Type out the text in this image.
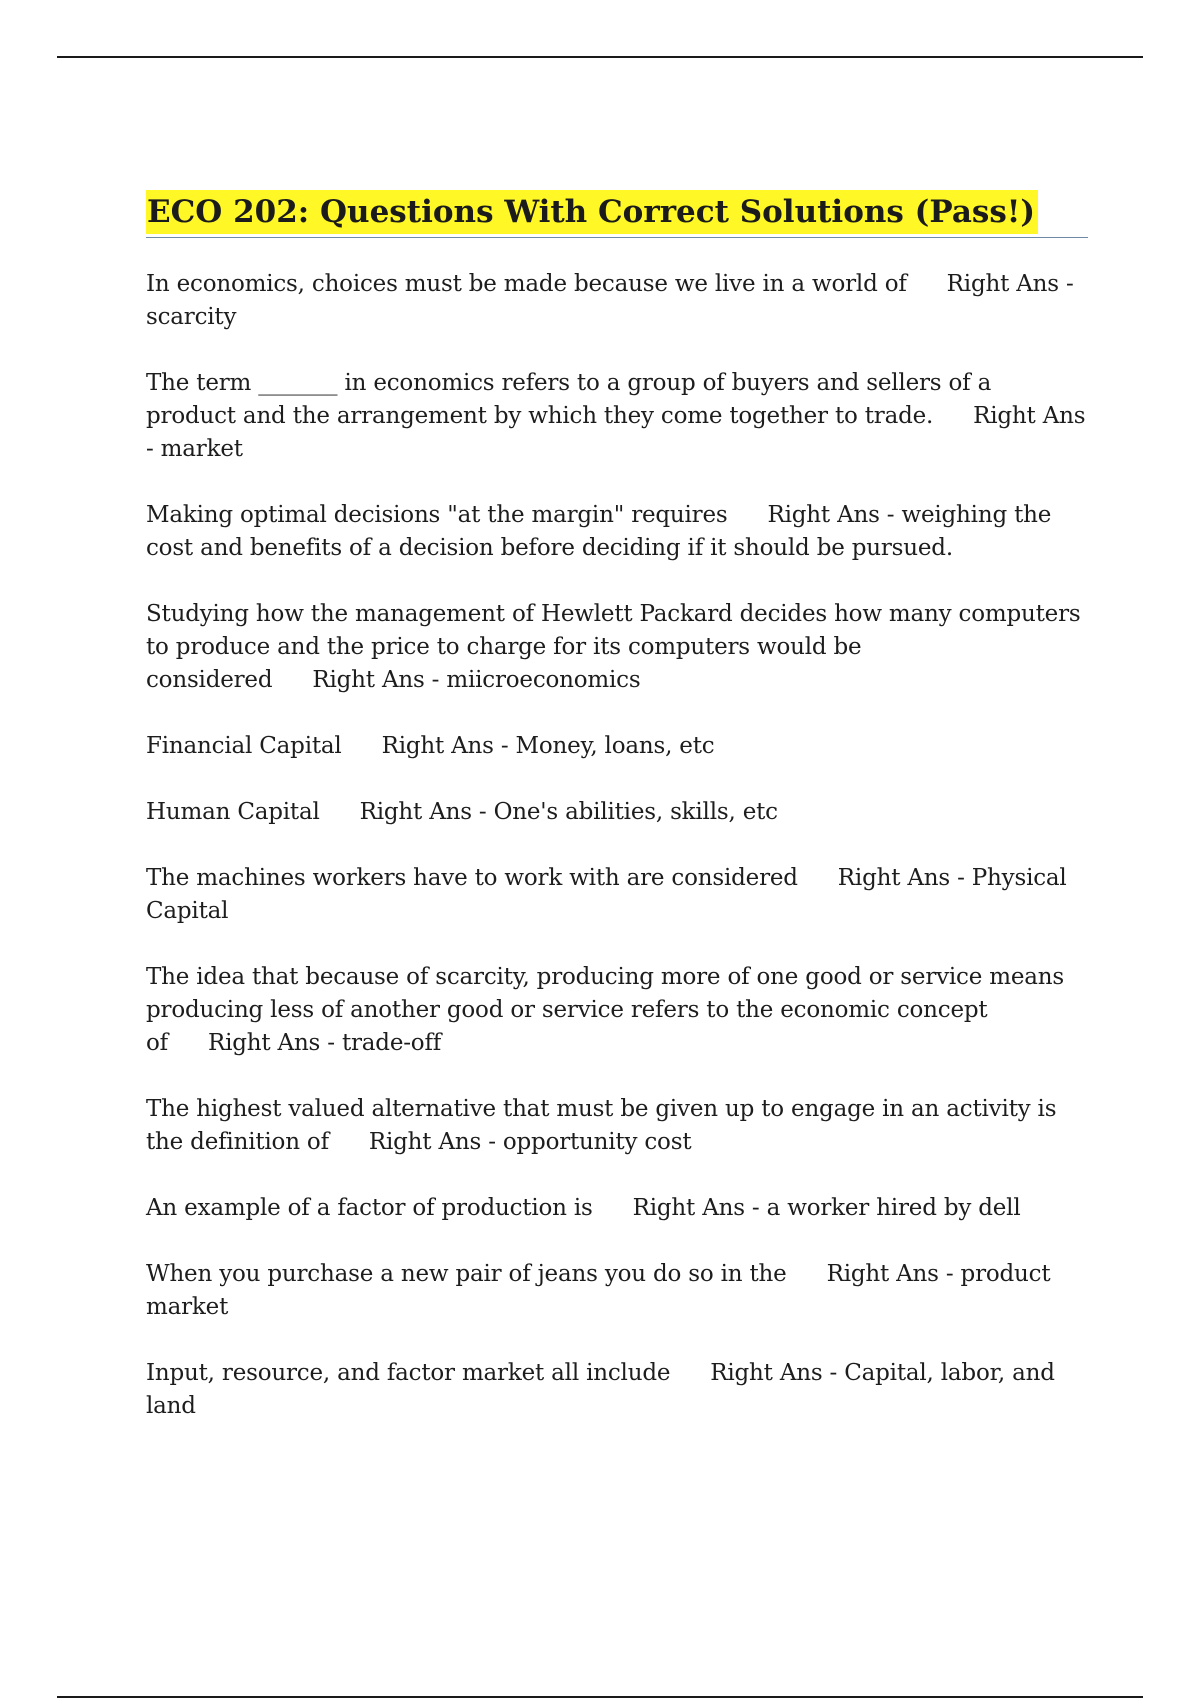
ECO 202: Questions With Correct Solutions (Pass!)

In economics, choices must be made because we live in a world of Right Ans - scarcity

The term _______ in economics refers to a group of buyers and sellers of a product and the arrangement by which they come together to trade. Right Ans - market

Making optimal decisions "at the margin" requires Right Ans - weighing the cost and benefits of a decision before deciding if it should be pursued.

Studying how the management of Hewlett Packard decides how many computers to produce and the price to charge for its computers would be considered Right Ans - miicroeconomics

Financial Capital Right Ans - Money, loans, etc

Human Capital Right Ans - One's abilities, skills, etc

The machines workers have to work with are considered Right Ans - Physical Capital

The idea that because of scarcity, producing more of one good or service means producing less of another good or service refers to the economic concept of Right Ans - trade-off

The highest valued alternative that must be given up to engage in an activity is the definition of Right Ans - opportunity cost

An example of a factor of production is Right Ans - a worker hired by dell

When you purchase a new pair of jeans you do so in the Right Ans - product market

Input, resource, and factor market all include Right Ans - Capital, labor, and land
